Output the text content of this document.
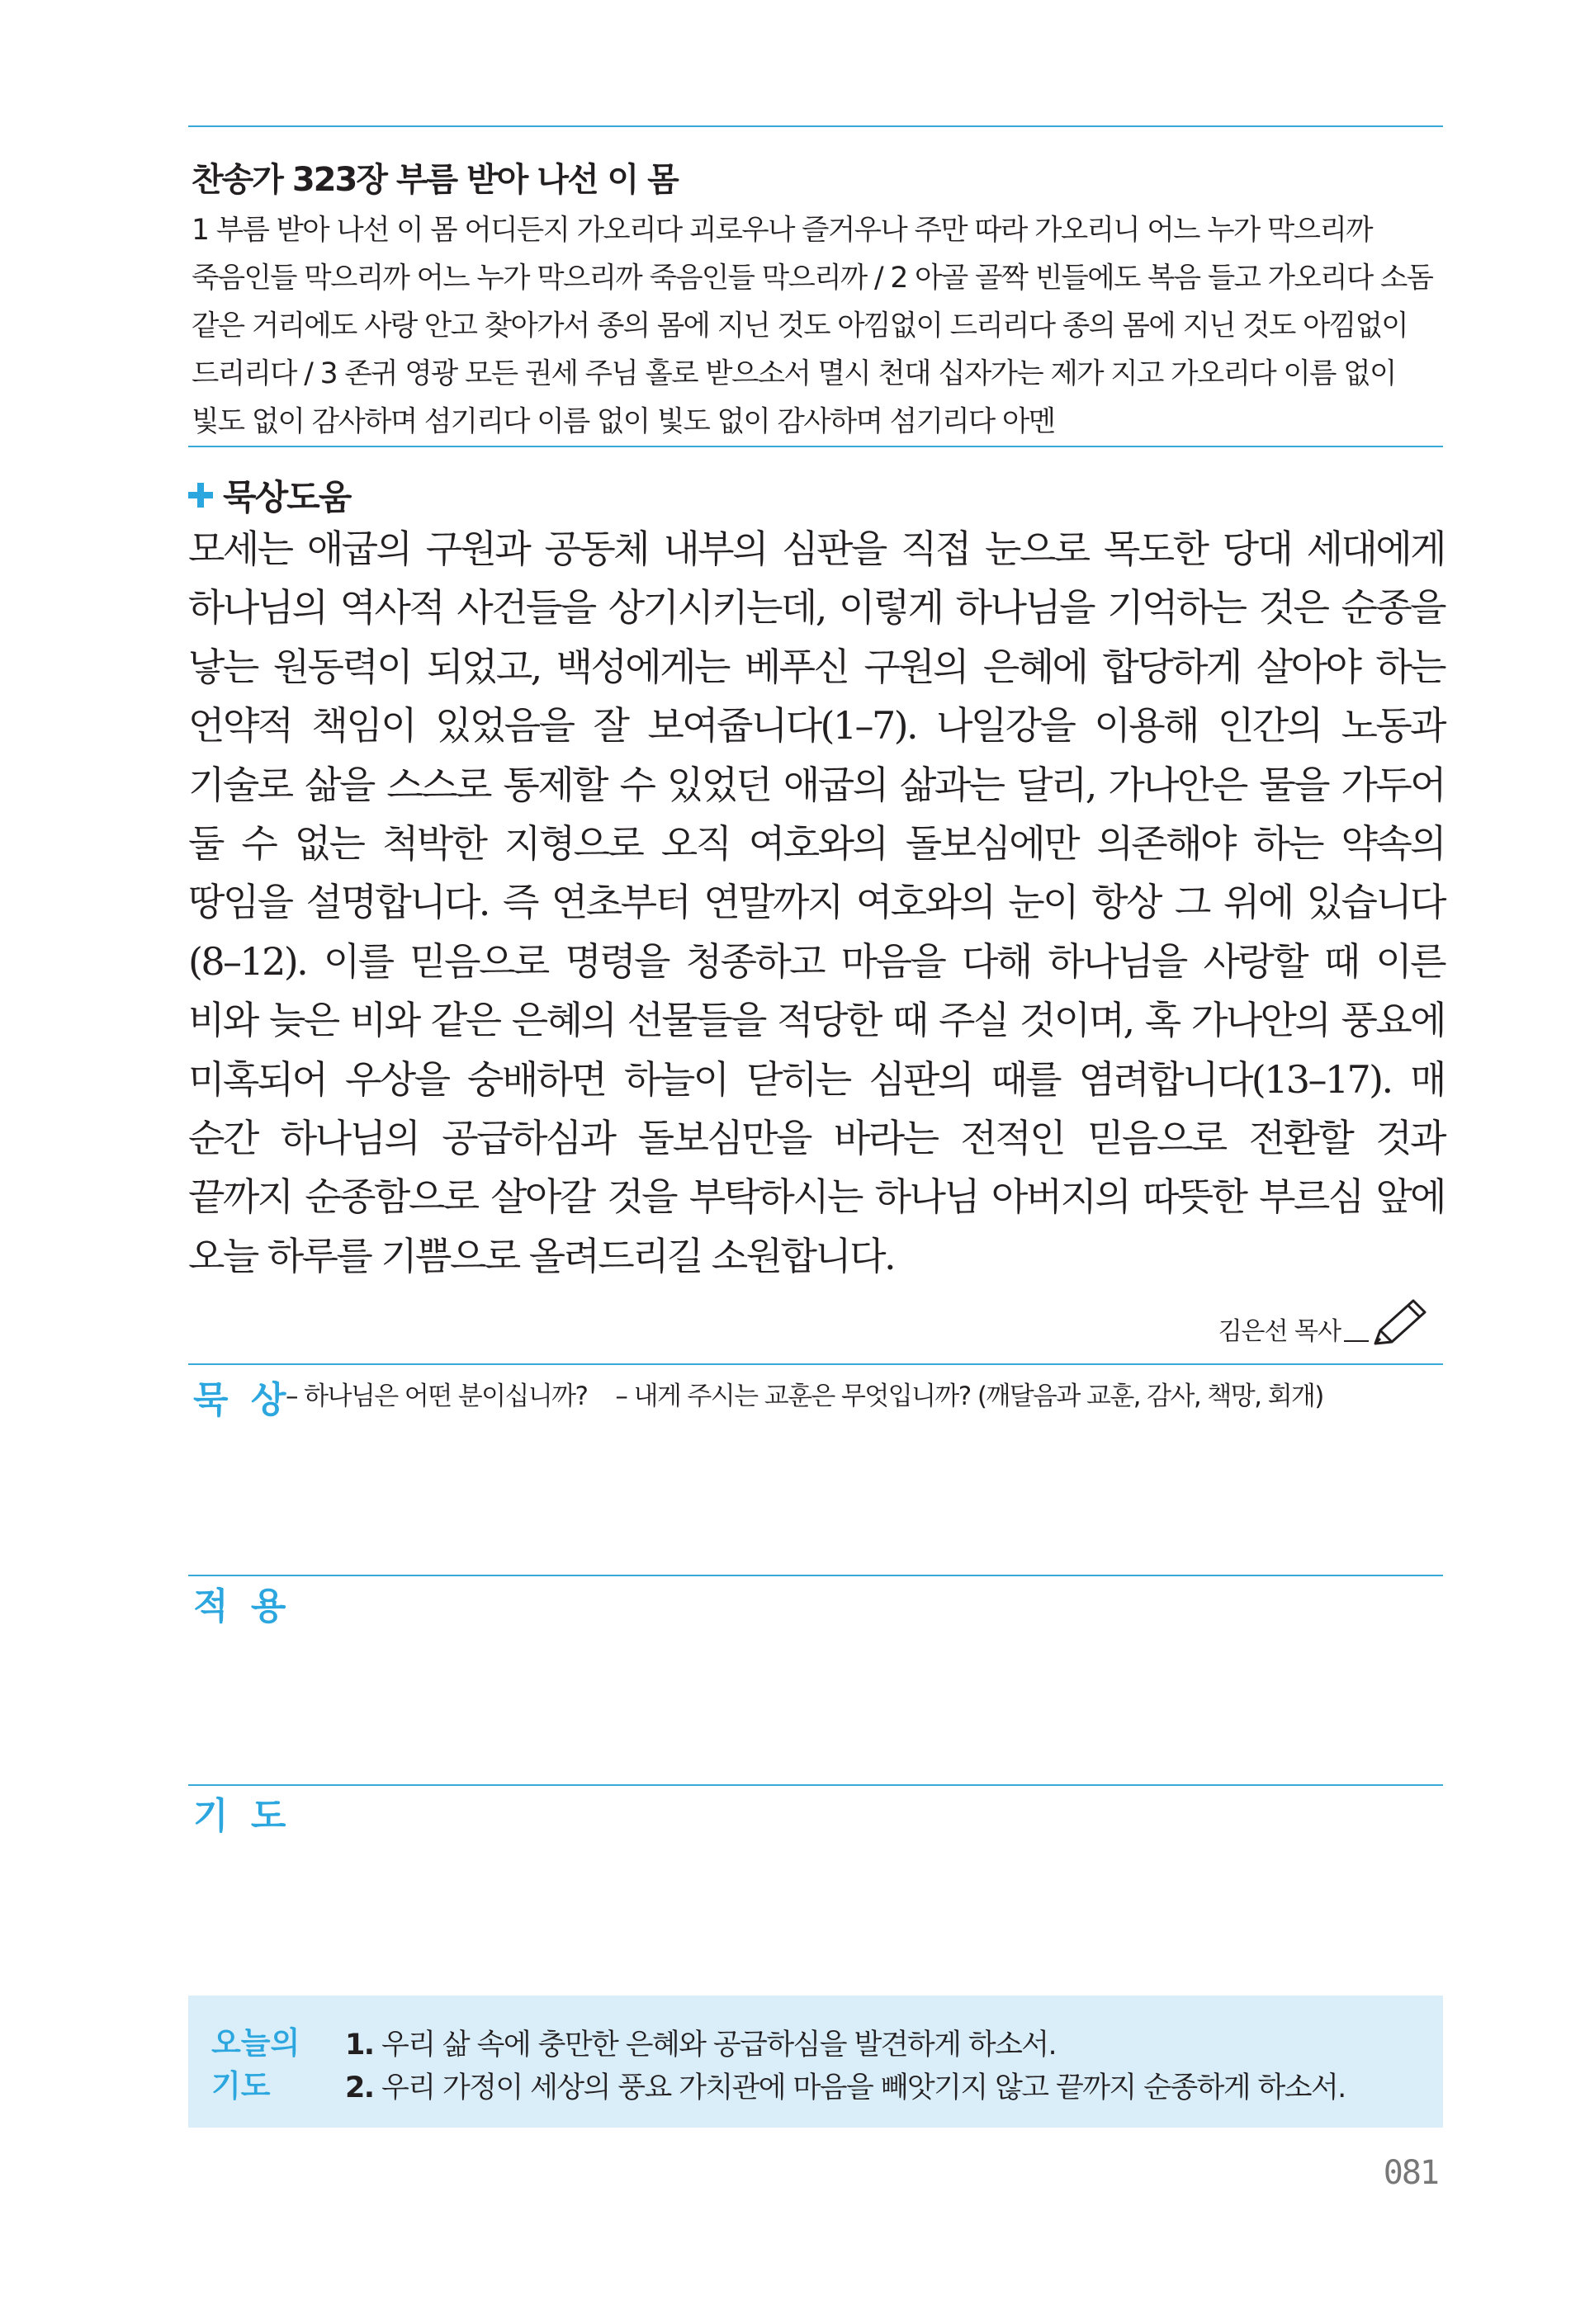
찬송가 323장 부름 받아 나선 이 몸
1 부름 받아 나선 이 몸 어디든지 가오리다 괴로우나 즐거우나 주만 따라 가오리니 어느 누가 막으리까 죽음인들 막으리까 어느 누가 막으리까 죽음인들 막으리까 / 2 아골 골짝 빈들에도 복음 들고 가오리다 소돔 같은 거리에도 사랑 안고 찾아가서 종의 몸에 지닌 것도 아낌없이 드리리다 종의 몸에 지닌 것도 아낌없이 드리리다 / 3 존귀 영광 모든 권세 주님 홀로 받으소서 멸시 천대 십자가는 제가 지고 가오리다 이름 없이 빛도 없이 감사하며 섬기리다 이름 없이 빛도 없이 감사하며 섬기리다 아멘
묵상도움
모세는 애굽의 구원과 공동체 내부의 심판을 직접 눈으로 목도한 당대 세대에게 하나님의 역사적 사건들을 상기시키는데, 이렇게 하나님을 기억하는 것은 순종을 낳는 원동력이 되었고, 백성에게는 베푸신 구원의 은혜에 합당하게 살아야 하는 언약적 책임이 있었음을 잘 보여줍니다(1–7). 나일강을 이용해 인간의 노동과 기술로 삶을 스스로 통제할 수 있었던 애굽의 삶과는 달리, 가나안은 물을 가두어 둘 수 없는 척박한 지형으로 오직 여호와의 돌보심에만 의존해야 하는 약속의 땅임을 설명합니다. 즉 연초부터 연말까지 여호와의 눈이 항상 그 위에 있습니다(8–12). 이를 믿음으로 명령을 청종하고 마음을 다해 하나님을 사랑할 때 이른 비와 늦은 비와 같은 은혜의 선물들을 적당한 때 주실 것이며, 혹 가나안의 풍요에 미혹되어 우상을 숭배하면 하늘이 닫히는 심판의 때를 염려합니다(13–17). 매 순간 하나님의 공급하심과 돌보심만을 바라는 전적인 믿음으로 전환할 것과 끝까지 순종함으로 살아갈 것을 부탁하시는 하나님 아버지의 따뜻한 부르심 앞에 오늘 하루를 기쁨으로 올려드리길 소원합니다.
김은선 목사
묵 상
– 하나님은 어떤 분이십니까? – 내게 주시는 교훈은 무엇입니까? (깨달음과 교훈, 감사, 책망, 회개)
적 용
기 도
오늘의
기도
1. 우리 삶 속에 충만한 은혜와 공급하심을 발견하게 하소서.
2. 우리 가정이 세상의 풍요 가치관에 마음을 빼앗기지 않고 끝까지 순종하게 하소서.
081
